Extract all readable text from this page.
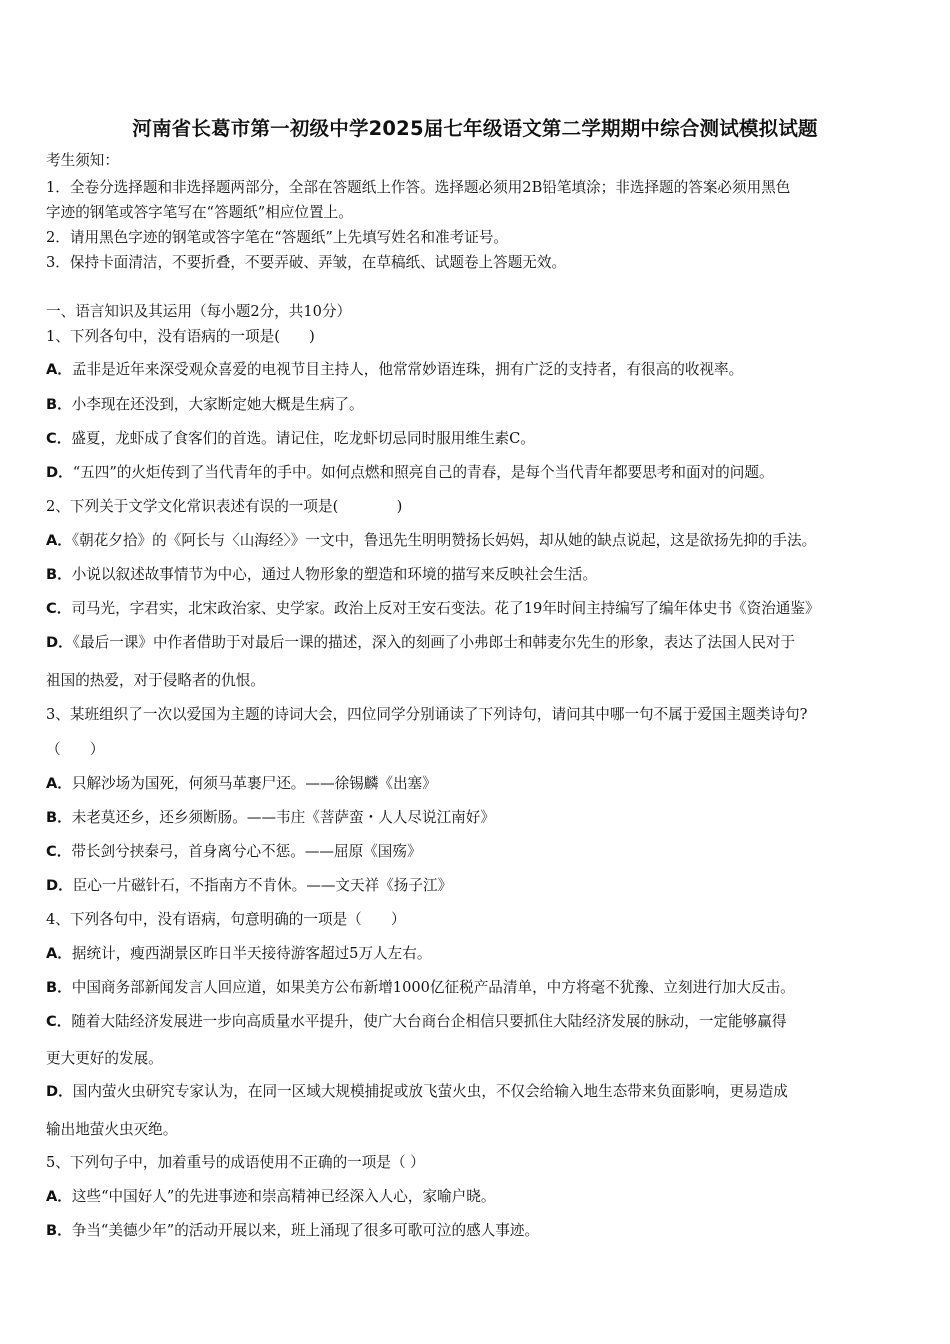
河南省长葛市第一初级中学2025届七年级语文第二学期期中综合测试模拟试题
考生须知：
1．全卷分选择题和非选择题两部分，全部在答题纸上作答。选择题必须用2B铅笔填涂；非选择题的答案必须用黑色
字迹的钢笔或答字笔写在“答题纸”相应位置上。
2．请用黑色字迹的钢笔或答字笔在“答题纸”上先填写姓名和准考证号。
3．保持卡面清洁，不要折叠，不要弄破、弄皱，在草稿纸、试题卷上答题无效。
一、语言知识及其运用（每小题2分，共10分）
1、下列各句中，没有语病的一项是(　　)
A．孟非是近年来深受观众喜爱的电视节目主持人，他常常妙语连珠，拥有广泛的支持者，有很高的收视率。
B．小李现在还没到，大家断定她大概是生病了。
C．盛夏，龙虾成了食客们的首选。请记住，吃龙虾切忌同时服用维生素C。
D．“五四”的火炬传到了当代青年的手中。如何点燃和照亮自己的青春，是每个当代青年都要思考和面对的问题。
2、下列关于文学文化常识表述有误的一项是(　　　　)
A．《朝花夕拾》的《阿长与〈山海经〉》一文中，鲁迅先生明明赞扬长妈妈，却从她的缺点说起，这是欲扬先抑的手法。
B．小说以叙述故事情节为中心，通过人物形象的塑造和环境的描写来反映社会生活。
C．司马光，字君实，北宋政治家、史学家。政治上反对王安石变法。花了19年时间主持编写了编年体史书《资治通鉴》
D．《最后一课》中作者借助于对最后一课的描述，深入的刻画了小弗郎士和韩麦尔先生的形象，表达了法国人民对于
祖国的热爱，对于侵略者的仇恨。
3、某班组织了一次以爱国为主题的诗词大会，四位同学分别诵读了下列诗句，请问其中哪一句不属于爱国主题类诗句?
（　　）
A．只解沙场为国死，何须马革裹尸还。——徐锡麟《出塞》
B．未老莫还乡，还乡须断肠。——韦庄《菩萨蛮・人人尽说江南好》
C．带长剑兮挟秦弓，首身离兮心不惩。——屈原《国殇》
D．臣心一片磁针石，不指南方不肯休。——文天祥《扬子江》
4、下列各句中，没有语病，句意明确的一项是（　　）
A．据统计，瘦西湖景区昨日半天接待游客超过5万人左右。
B．中国商务部新闻发言人回应道，如果美方公布新增1000亿征税产品清单，中方将毫不犹豫、立刻进行加大反击。
C．随着大陆经济发展进一步向高质量水平提升，使广大台商台企相信只要抓住大陆经济发展的脉动，一定能够赢得
更大更好的发展。
D．国内萤火虫研究专家认为，在同一区域大规模捕捉或放飞萤火虫，不仅会给输入地生态带来负面影响，更易造成
输出地萤火虫灭绝。
5、下列句子中，加着重号的成语使用不正确的一项是（ ）
A．这些“中国好人”的先进事迹和崇高精神已经深入人心，家喻户晓。
B．争当“美德少年”的活动开展以来，班上涌现了很多可歌可泣的感人事迹。
